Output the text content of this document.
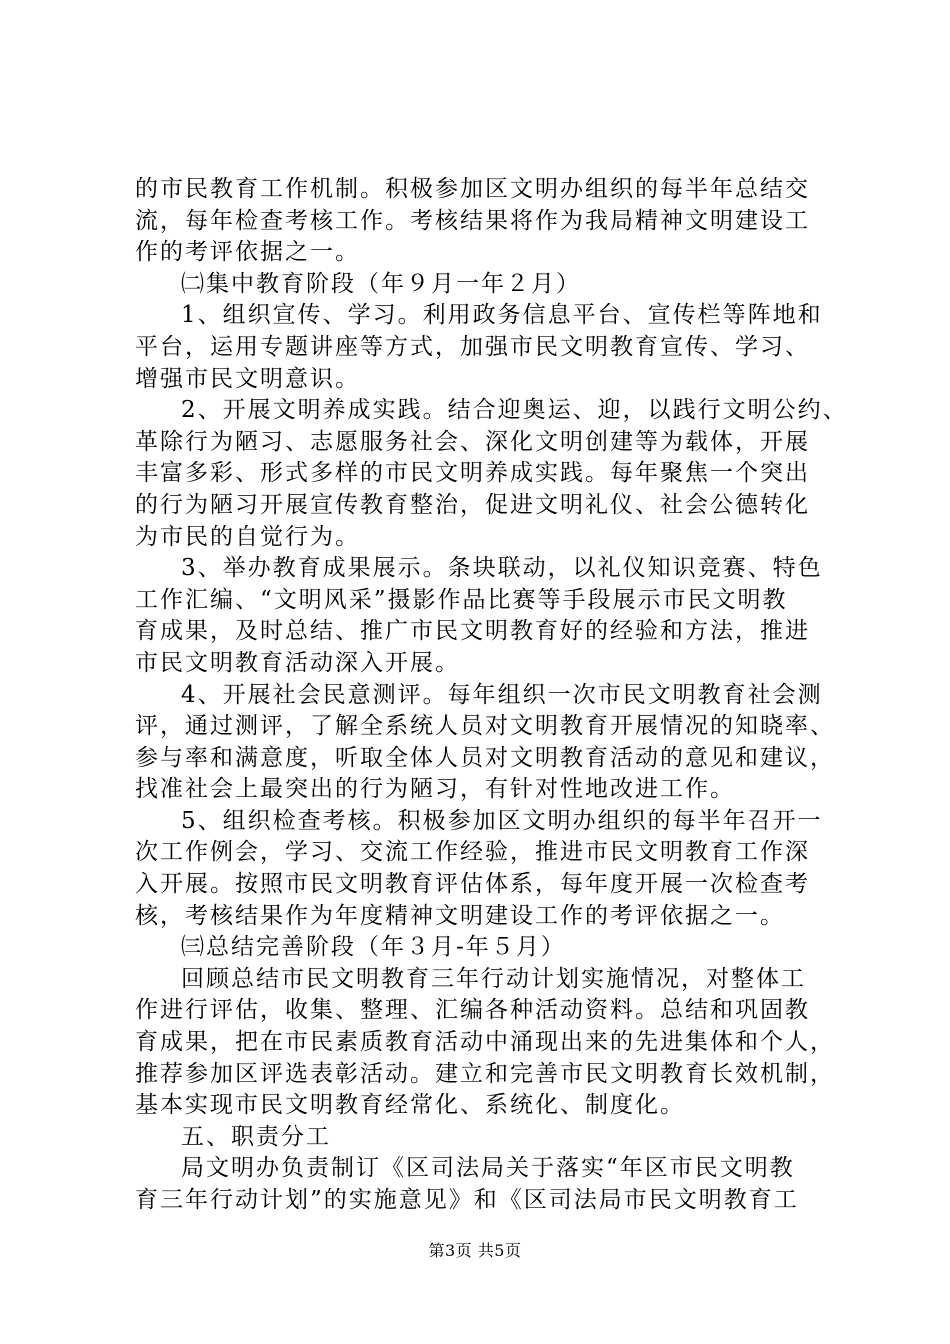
的市民教育工作机制。积极参加区文明办组织的每半年总结交
流，每年检查考核工作。考核结果将作为我局精神文明建设工
作的考评依据之一。
㈡集中教育阶段（年９月一年２月）
1、组织宣传、学习。利用政务信息平台、宣传栏等阵地和
平台，运用专题讲座等方式，加强市民文明教育宣传、学习、
增强市民文明意识。
2、开展文明养成实践。结合迎奥运、迎，以践行文明公约、
革除行为陋习、志愿服务社会、深化文明创建等为载体，开展
丰富多彩、形式多样的市民文明养成实践。每年聚焦一个突出
的行为陋习开展宣传教育整治，促进文明礼仪、社会公德转化
为市民的自觉行为。
3、举办教育成果展示。条块联动，以礼仪知识竞赛、特色
工作汇编、“文明风采”摄影作品比赛等手段展示市民文明教
育成果，及时总结、推广市民文明教育好的经验和方法，推进
市民文明教育活动深入开展。
4、开展社会民意测评。每年组织一次市民文明教育社会测
评，通过测评，了解全系统人员对文明教育开展情况的知晓率、
参与率和满意度，听取全体人员对文明教育活动的意见和建议，
找准社会上最突出的行为陋习，有针对性地改进工作。
5、组织检查考核。积极参加区文明办组织的每半年召开一
次工作例会，学习、交流工作经验，推进市民文明教育工作深
入开展。按照市民文明教育评估体系，每年度开展一次检查考
核，考核结果作为年度精神文明建设工作的考评依据之一。
㈢总结完善阶段（年３月-年５月）
回顾总结市民文明教育三年行动计划实施情况，对整体工
作进行评估，收集、整理、汇编各种活动资料。总结和巩固教
育成果，把在市民素质教育活动中涌现出来的先进集体和个人，
推荐参加区评选表彰活动。建立和完善市民文明教育长效机制，
基本实现市民文明教育经常化、系统化、制度化。
五、职责分工
局文明办负责制订《区司法局关于落实“年区市民文明教
育三年行动计划”的实施意见》和《区司法局市民文明教育工
第3页 共5页
